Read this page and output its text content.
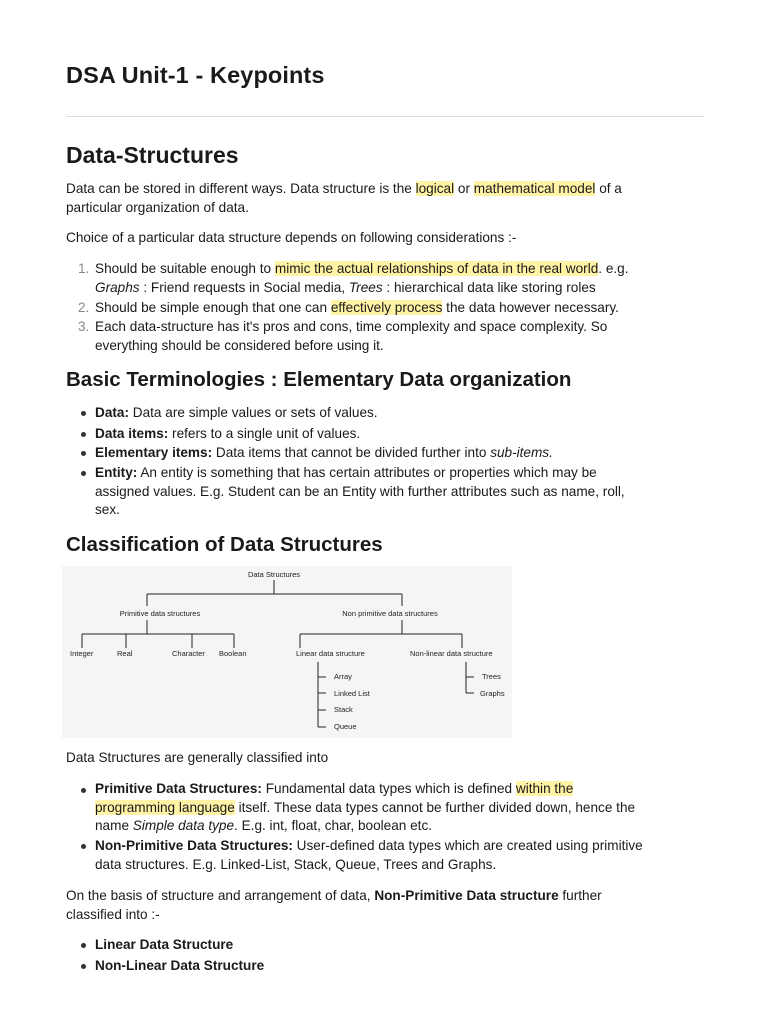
DSA Unit-1 - Keypoints
Data-Structures

Data can be stored in different ways. Data structure is the logical or mathematical model of a
particular organization of data.

Choice of a particular data structure depends on following considerations :-

1. Should be suitable enough to mimic the actual relationships of data in the real world. e.g.
Graphs : Friend requests in Social media, Trees : hierarchical data like storing roles
2. Should be simple enough that one can effectively process the data however necessary.
3. Each data-structure has it's pros and cons, time complexity and space complexity. So
everything should be considered before using it.
Basic Terminologies : Elementary Data organization
Data: Data are simple values or sets of values.
Data items: refers to a single unit of values.
Elementary items: Data items that cannot be divided further into sub-items.
Entity: An entity is something that has certain attributes or properties which may be
assigned values. E.g. Student can be an Entity with further attributes such as name, roll,
sex.
Classification of Data Structures
Data Structures
Primitive data structures	Non primitive data structures
Integer	Real	Character Boolean	Linear data structure	Non-linear data structure
Array
Linked List
Stack
Queue
Trees
Graphs

Data Structures are generally classified into

Primitive Data Structures: Fundamental data types which is defined within the
programming language itself. These data types cannot be further divided down, hence the
name Simple data type. E.g. int, float, char, boolean etc.
Non-Primitive Data Structures: User-defined data types which are created using primitive
data structures. E.g. Linked-List, Stack, Queue, Trees and Graphs.

On the basis of structure and arrangement of data, Non-Primitive Data structure further
classified into :-

Linear Data Structure
Non-Linear Data Structure
